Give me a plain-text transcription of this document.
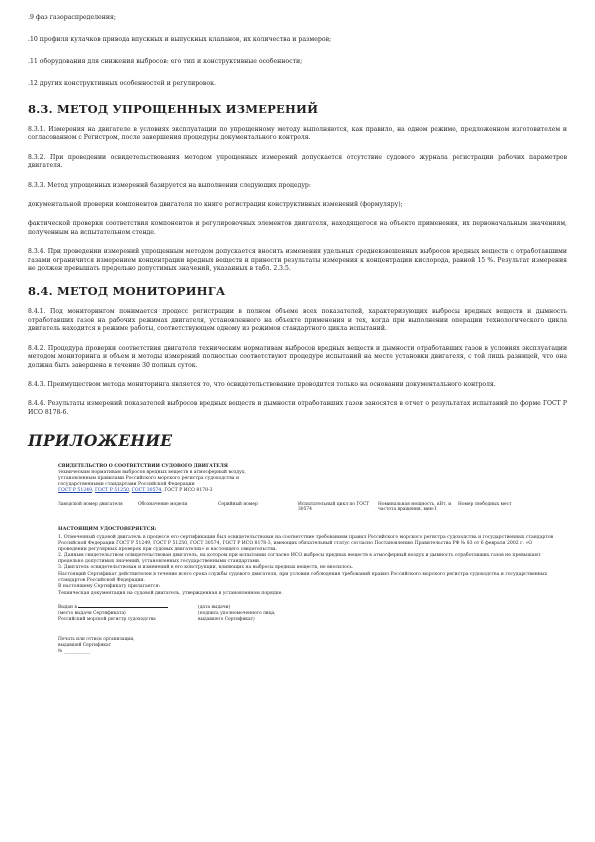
.9 фаз газораспределения;
.10 профиля кулачков привода впускных и выпускных клапанов, их количества и размеров;
.11 оборудования для снижения выбросов: его тип и конструктивные особенности;
.12 других конструктивных особенностей и регулировок.
8.3. МЕТОД УПРОЩЕННЫХ ИЗМЕРЕНИЙ

8.3.1. Измерения на двигателе в условиях эксплуатации по упрощенному методу выполняются, как правило, на одном режиме, предложенном изготовителем и согласованном с Регистром, после завершения процедуры документального контроля.

8.3.2. При проведении освидетельствования методом упрощенных измерений допускается отсутствие судового журнала регистрации рабочих параметров двигателя.

8.3.3. Метод упрощенных измерений базируется на выполнении следующих процедур:

документальной проверки компонентов двигателя по книге регистрации конструктивных изменений (формуляру);

фактической проверки соответствия компонентов и регулировочных элементов двигателя, находящегося на объекте применения, их первоначальным значениям, полученным на испытательном стенде.

8.3.4. При проведении измерений упрощенным методом допускается вносить изменения удельных средневзвешенных выбросов вредных веществ с отработавшими газами ограничится измерением концентрации вредных веществ и принести результаты измерения к концентрации кислорода, равной 15 %. Результат измерения не должен превышать предельно допустимых значений, указанных в табл. 2.3.5.

8.4. МЕТОД МОНИТОРИНГА

8.4.1. Под мониторингом понимается процесс регистрации в полном объеме всех показателей, характеризующих выбросы вредных веществ и дымность отработавших газов на рабочих режимах двигателя, установленного на объекте применения и тех, когда при выполнении операции технологического цикла двигатель находится в режиме работы, соответствующем одному из режимов стандартного цикла испытаний.

8.4.2. Процедура проверки соответствия двигателя техническим нормативам выбросов вредных веществ и дымности отработавших газов в условиях эксплуатации методом мониторинга и объем и методы измерений полностью соответствуют процедуре испытаний на месте установки двигателя, с той лишь разницей, что она должна быть завершена в течение 30 полных суток.

8.4.3. Преимуществом метода мониторинга является то, что освидетельствование проводится только на основании документального контроля.

8.4.4. Результаты измерений показателей выбросов вредных веществ и дымности отработавших газов заносятся в отчет о результатах испытаний по форме ГОСТ Р ИСО 8178-6.

ПРИЛОЖЕНИЕ
СВИДЕТЕЛЬСТВО О СООТВЕТСТВИИ СУДОВОГО ДВИГАТЕЛЯ
техническим нормативам выбросов вредных веществ в атмосферный воздух,
установленным правилами Российского морского регистра судоходства и
государственными стандартами Российской Федерации
ГОСТ Р 51249, ГОСТ Р 51250, ГОСТ 30574, ГОСТ Р ИСО 8178-3
Заводской номер двигателя	Обозначение модели	Серийный номер	Испытательный цикл по ГОСТ 30574
Номинальная мощность, кВт, и частота вращения, мин-1
Номер свободных мест
НАСТОЯЩИМ УДОСТОВЕРЯЕТСЯ:
1. Отмеченный судовой двигатель в процессе его сертификации был освидетельствован на соответствие требованиям правил Российского морского регистра судоходства и государственных стандартов Российской Федерации ГОСТ Р 51249, ГОСТ Р 51250, ГОСТ 30574, ГОСТ Р ИСО 8178-3, имеющих обязательный статус согласно Постановлению Правительства РФ № 83 от 6 февраля 2002 г. «О проведении регулярных проверок при судовых двигателях» и настоящего свидетельства.
2. Данным свидетельством освидетельствован двигатель, на котором при испытании согласно ИСО выбросы вредных веществ в атмосферный воздух и дымность отработавших газов не превышают предельно допустимых значений, установленных государственными стандартами.
3. Двигатель освидетельствован и изменений в его конструкции, влияющих на выбросы вредных веществ, не вносилось.
Настоящий Сертификат действителен в течение всего срока службы судового двигателя, при условии соблюдения требований правил Российского морского регистра судоходства и государственных стандартов Российской Федерации.
В настоящему Сертификату прилагается:
Техническая документация на судовой двигатель, утвержденная в установленном порядке.
Выдан в
(место выдачи Сертификата)
Российский морской регистр судоходства
(дата выдачи)
(подпись уполномоченного лица,
выдавшего Сертификат)
Печать или оттиск организации,
выдавшей Сертификат
№ ____________
